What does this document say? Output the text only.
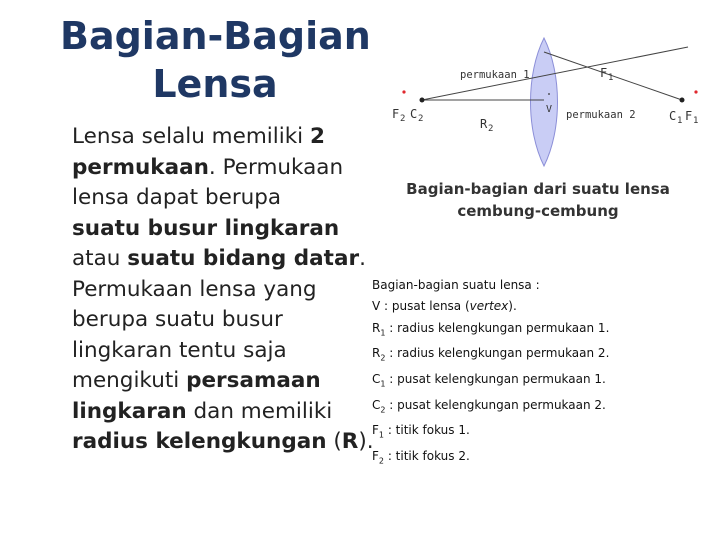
Bagian-Bagian
Lensa
Lensa selalu memiliki 2
permukaan. Permukaan
lensa dapat berupa
suatu busur lingkaran
atau suatu bidang datar.
Permukaan lensa yang
berupa suatu busur
lingkaran tentu saja
mengikuti persamaan
lingkaran dan memiliki
radius kelengkungan (R).
permukaan 1
permukaan 2
F1
F2 C2	C1 F1
R2
V
Bagian-bagian dari suatu lensa
cembung-cembung
Bagian-bagian suatu lensa :
V : pusat lensa (vertex).
$R_1$ : radius kelengkungan permukaan 1.
$R_2$ : radius kelengkungan permukaan 2.
$C_1$ : pusat kelengkungan permukaan 1.
$C_2$ : pusat kelengkungan permukaan 2.
$F_1$ : titik fokus 1.
$F_2$ : titik fokus 2.
